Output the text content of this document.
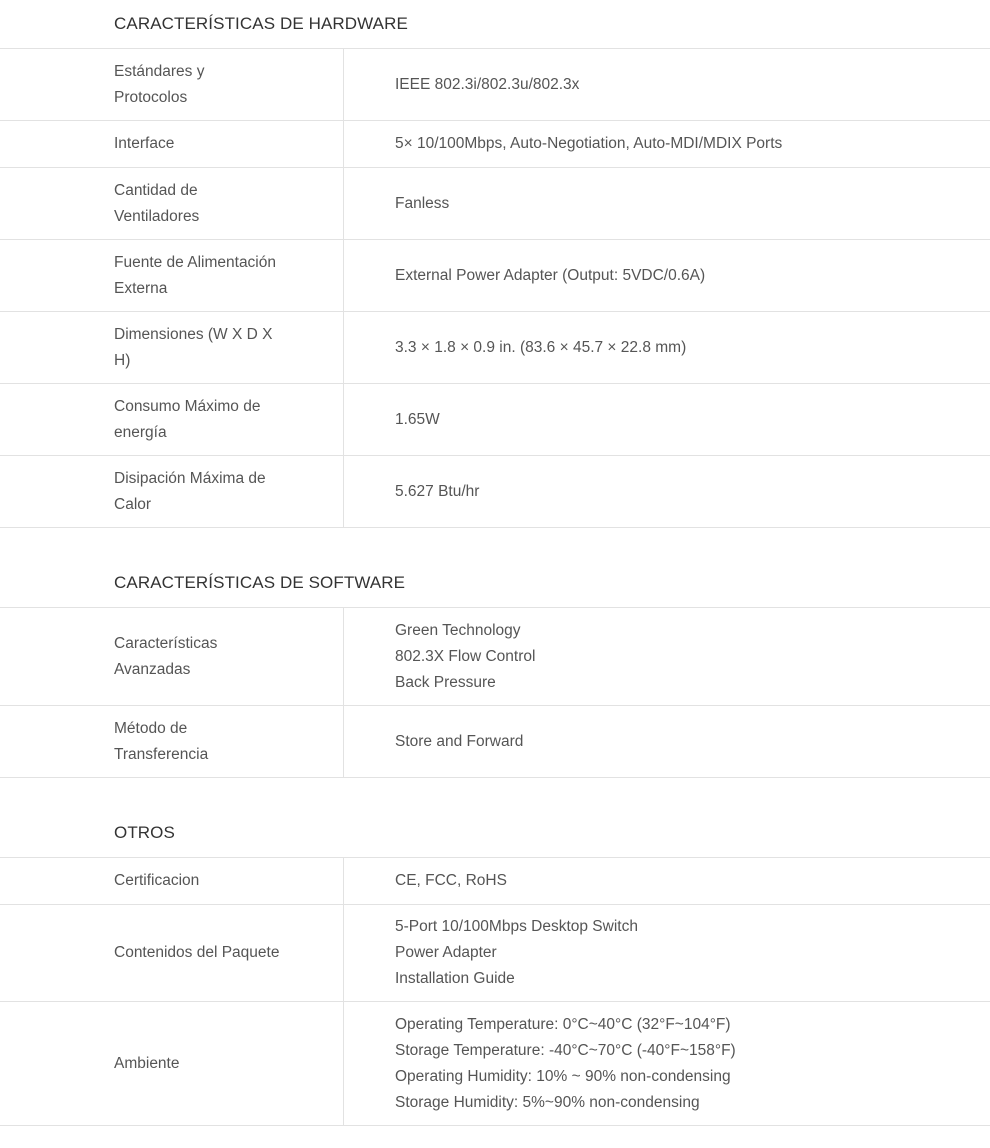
CARACTERÍSTICAS DE HARDWARE
Estándares y Protocolos
IEEE 802.3i/802.3u/802.3x
Interface	5× 10/100Mbps, Auto-Negotiation, Auto-MDI/MDIX Ports
Cantidad de Ventiladores
Fanless
Fuente de Alimentación Externa
External Power Adapter (Output: 5VDC/0.6A)
Dimensiones (W X D X H)
3.3 × 1.8 × 0.9 in. (83.6 × 45.7 × 22.8 mm)
Consumo Máximo de energía
1.65W
Disipación Máxima de Calor
5.627 Btu/hr
CARACTERÍSTICAS DE SOFTWARE
Características Avanzadas
Green Technology
802.3X Flow Control
Back Pressure
Método de Transferencia
Store and Forward
OTROS
Certificacion	CE, FCC, RoHS
Contenidos del Paquete
5-Port 10/100Mbps Desktop Switch
Power Adapter
Installation Guide
Ambiente
Operating Temperature: 0°C~40°C (32°F~104°F)
Storage Temperature: -40°C~70°C (-40°F~158°F)
Operating Humidity: 10% ~ 90% non-condensing
Storage Humidity: 5%~90% non-condensing
